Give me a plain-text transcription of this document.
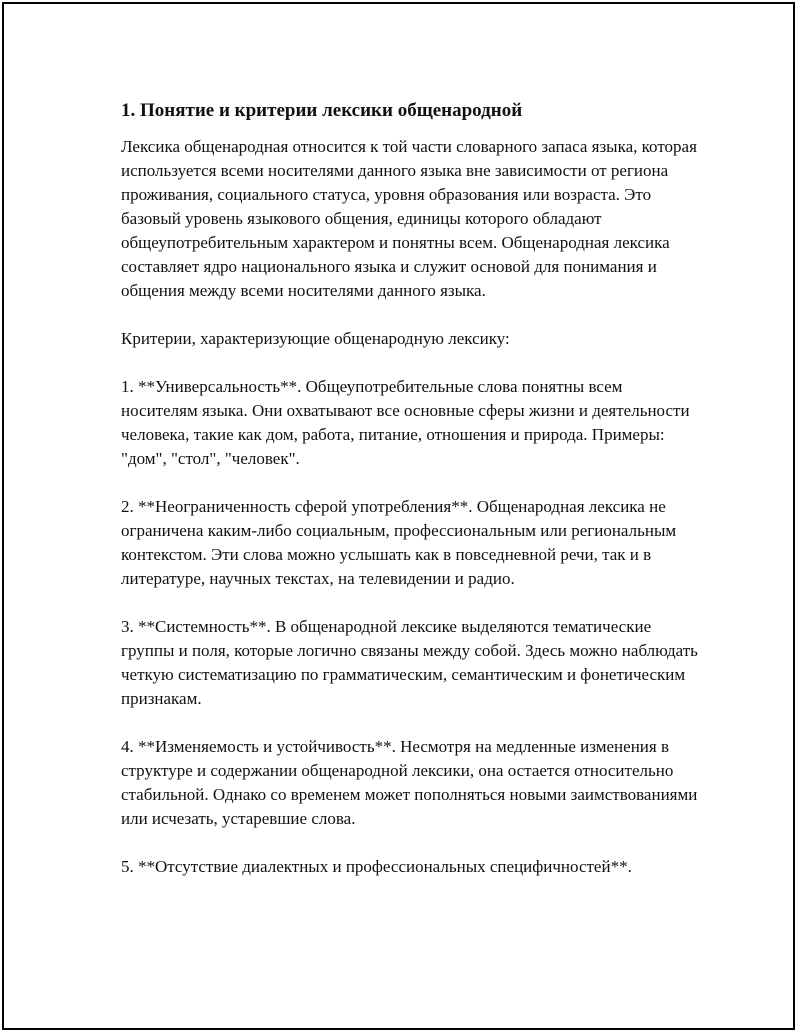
1. Понятие и критерии лексики общенародной

Лексика общенародная относится к той части словарного запаса языка, которая используется всеми носителями данного языка вне зависимости от региона проживания, социального статуса, уровня образования или возраста. Это базовый уровень языкового общения, единицы которого обладают общеупотребительным характером и понятны всем. Общенародная лексика составляет ядро национального языка и служит основой для понимания и общения между всеми носителями данного языка.

Критерии, характеризующие общенародную лексику:

1. **Универсальность**. Общеупотребительные слова понятны всем носителям языка. Они охватывают все основные сферы жизни и деятельности человека, такие как дом, работа, питание, отношения и природа. Примеры: "дом", "стол", "человек".

2. **Неограниченность сферой употребления**. Общенародная лексика не ограничена каким-либо социальным, профессиональным или региональным контекстом. Эти слова можно услышать как в повседневной речи, так и в литературе, научных текстах, на телевидении и радио.

3. **Системность**. В общенародной лексике выделяются тематические группы и поля, которые логично связаны между собой. Здесь можно наблюдать четкую систематизацию по грамматическим, семантическим и фонетическим признакам.

4. **Изменяемость и устойчивость**. Несмотря на медленные изменения в структуре и содержании общенародной лексики, она остается относительно стабильной. Однако со временем может пополняться новыми заимствованиями или исчезать, устаревшие слова.

5. **Отсутствие диалектных и профессиональных специфичностей**.
